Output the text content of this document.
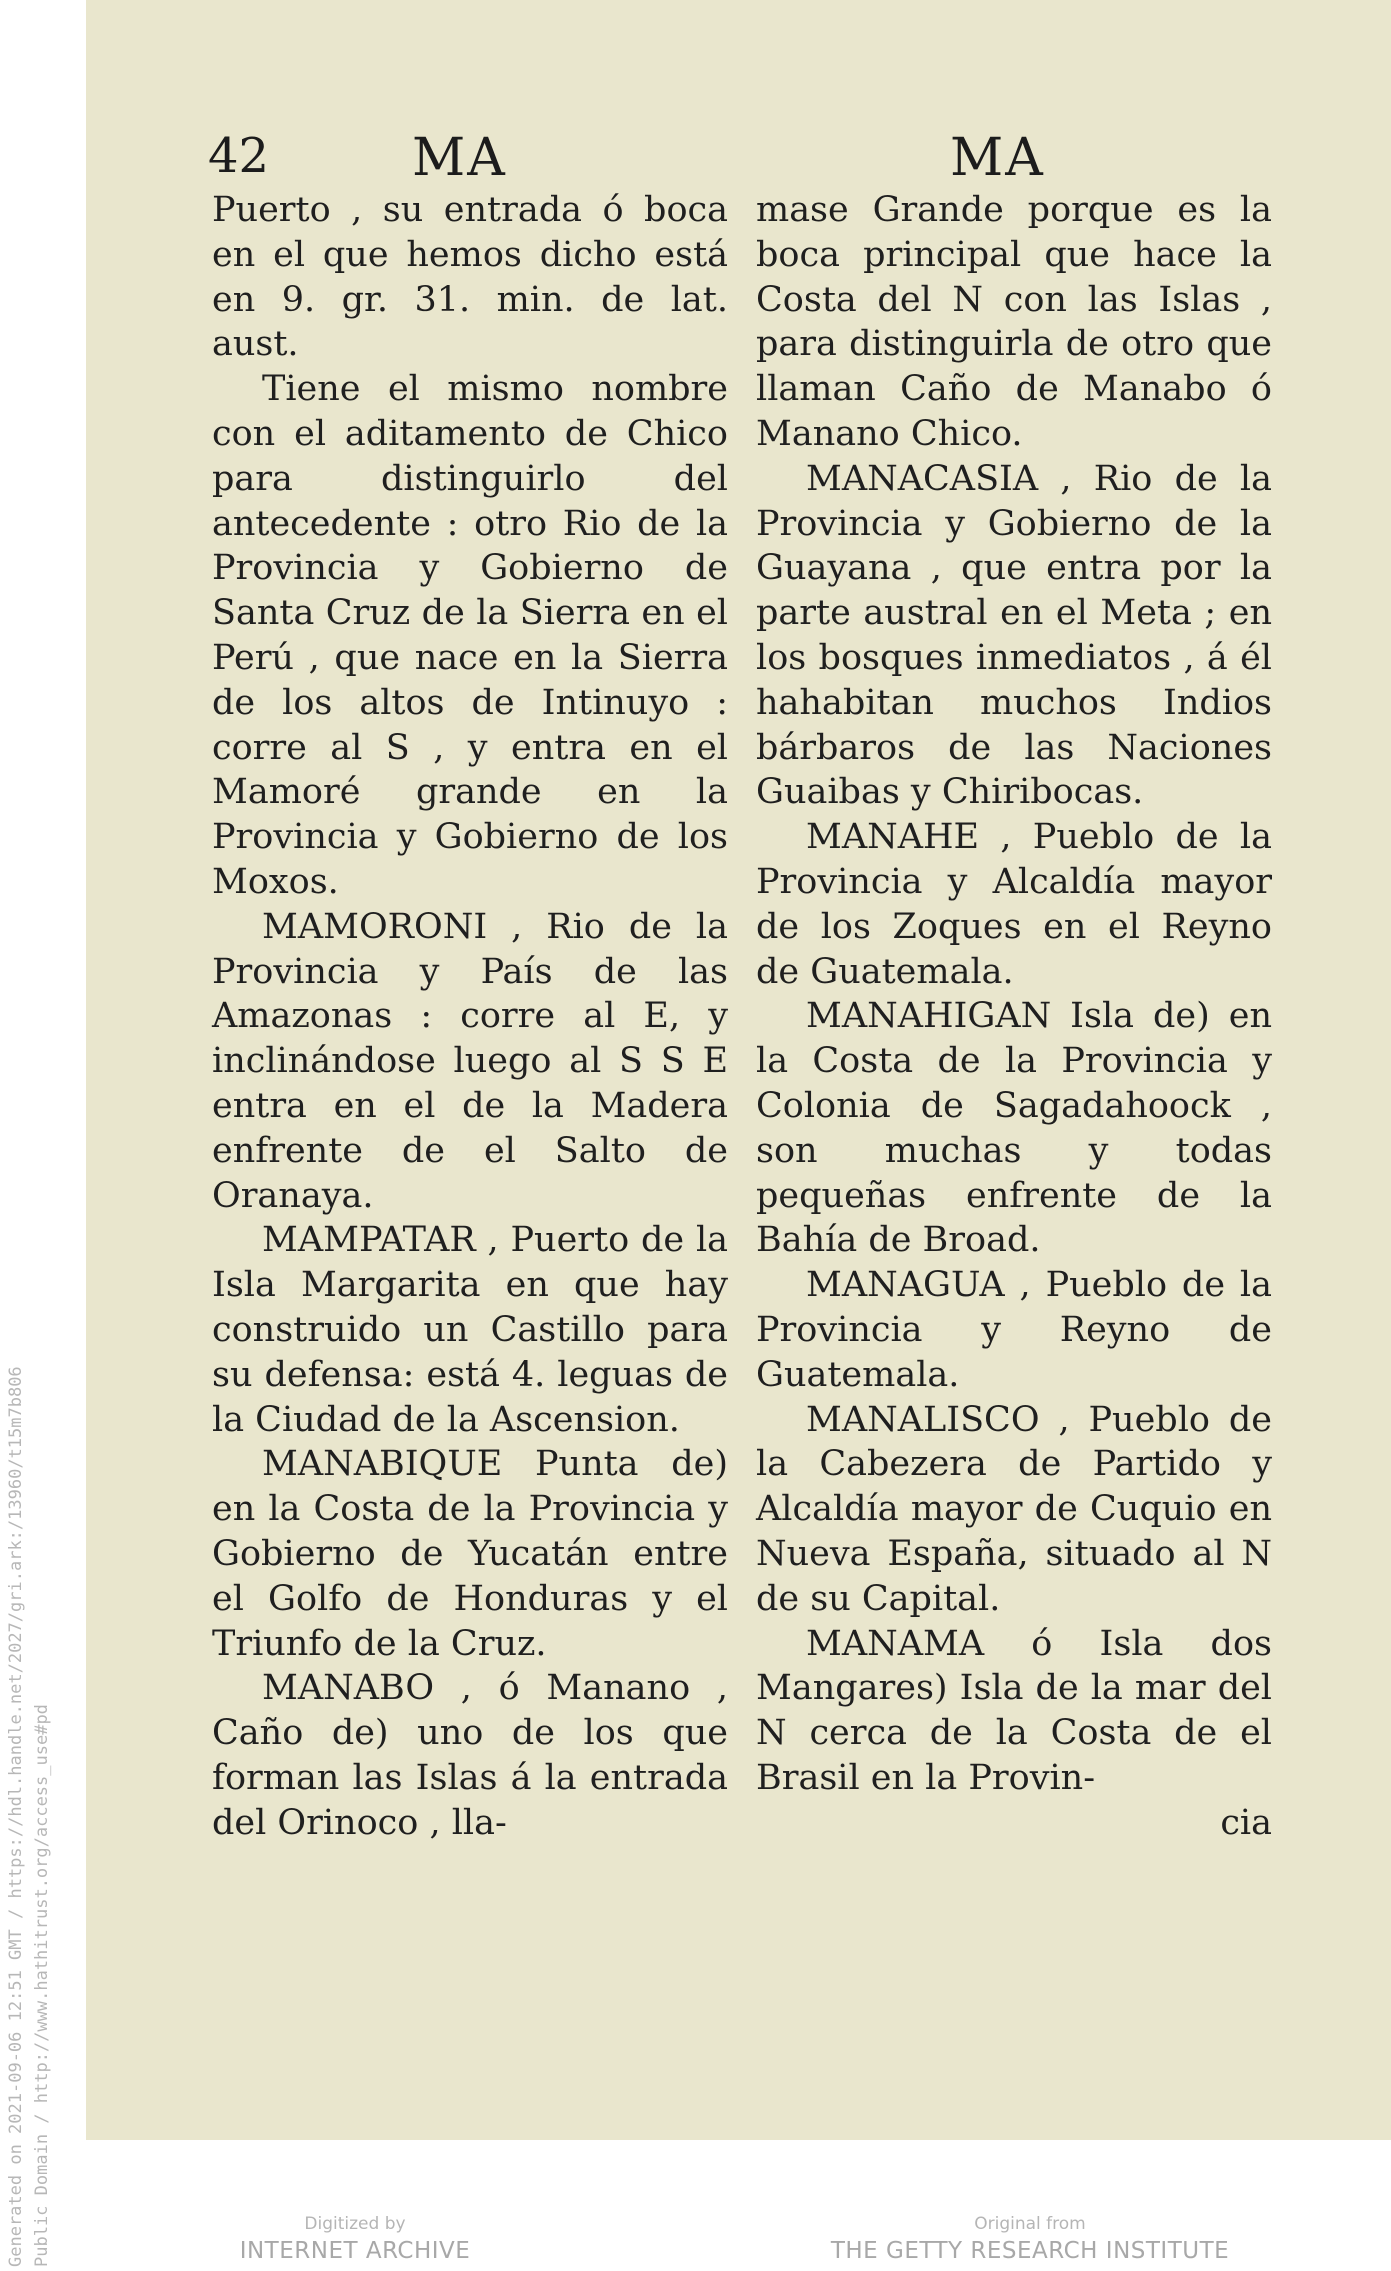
Generated on 2021-09-06 12:51 GMT / https://hdl.handle.net/2027/gri.ark:/13960/t15m7b806 Public Domain / http://www.hathitrust.org/access_use#pd
42	MA	MA

Puerto , su entrada ó boca en el que hemos dicho está en 9. gr. 31. min. de lat. aust.

Tiene el mismo nombre con el aditamento de Chico para distinguirlo del antecedente : otro Rio de la Provincia y Gobierno de Santa Cruz de la Sierra en el Perú , que nace en la Sierra de los altos de Intinuyo : corre al S , y entra en el Mamoré grande en la Provincia y Gobierno de los Moxos.

MAMORONI , Rio de la Provincia y País de las Amazonas : corre al E, y inclinándose luego al S S E entra en el de la Madera enfrente de el Salto de Oranaya.

MAMPATAR , Puerto de la Isla Margarita en que hay construido un Castillo para su defensa: está 4. leguas de la Ciudad de la Ascension.

MANABIQUE Punta de) en la Costa de la Provincia y Gobierno de Yucatán entre el Golfo de Honduras y el Triunfo de la Cruz.

MANABO , ó Manano , Caño de) uno de los que forman las Islas á la entrada del Orinoco , lla-

mase Grande porque es la boca principal que hace la Costa del N con las Islas , para distinguirla de otro que llaman Caño de Manabo ó Manano Chico.

MANACASIA , Rio de la Provincia y Gobierno de la Guayana , que entra por la parte austral en el Meta ; en los bosques inmediatos , á él hahabitan muchos Indios bárbaros de las Naciones Guaibas y Chiribocas.

MANAHE , Pueblo de la Provincia y Alcaldía mayor de los Zoques en el Reyno de Guatemala.

MANAHIGAN Isla de) en la Costa de la Provincia y Colonia de Sagadahoock , son muchas y todas pequeñas enfrente de la Bahía de Broad.

MANAGUA , Pueblo de la Provincia y Reyno de Guatemala.

MANALISCO , Pueblo de la Cabezera de Partido y Alcaldía mayor de Cuquio en Nueva España, situado al N de su Capital.

MANAMA ó Isla dos Mangares) Isla de la mar del N cerca de la Costa de el Brasil en la Provin-

cia
Digitized by
INTERNET ARCHIVE
Original from
THE GETTY RESEARCH INSTITUTE
